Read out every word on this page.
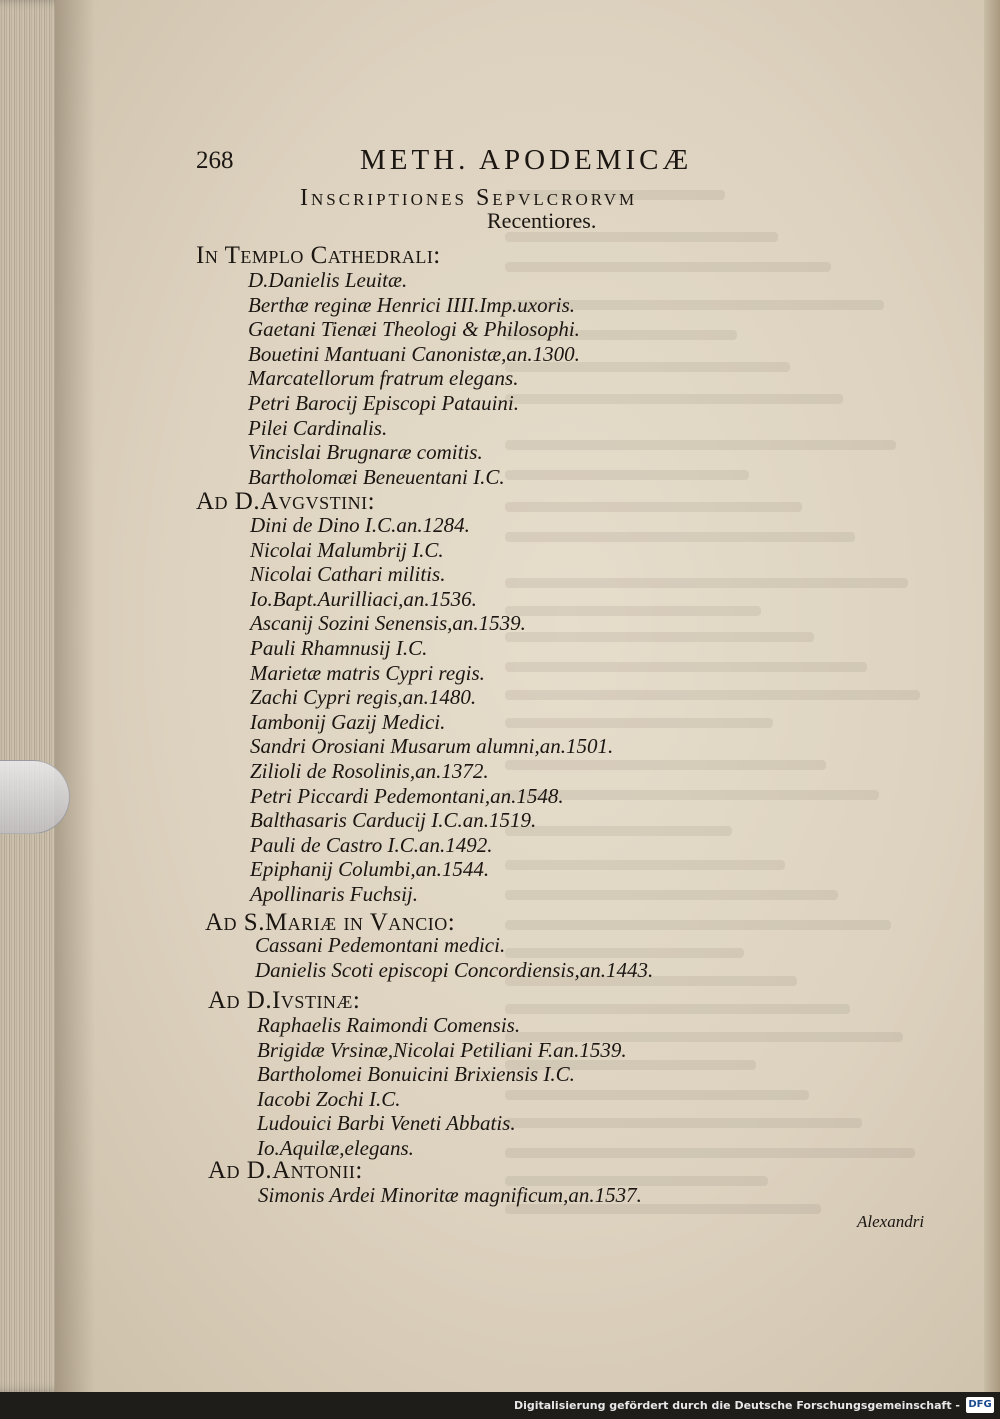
268	METH. APODEMICÆ
Inscriptiones Sepvlcrorvm
Recentiores.
In Templo Cathedrali:
D.Danielis Leuitæ.
Berthæ reginæ Henrici IIII.Imp.uxoris.
Gaetani Tienæi Theologi & Philosophi.
Bouetini Mantuani Canonistæ,an.1300.
Marcatellorum fratrum elegans.
Petri Barocij Episcopi Patauini.
Pilei Cardinalis.
Vincislai Brugnaræ comitis.
Bartholomæi Beneuentani I.C.
Ad D.Avgvstini:
Dini de Dino I.C.an.1284.
Nicolai Malumbrij I.C.
Nicolai Cathari militis.
Io.Bapt.Aurilliaci,an.1536.
Ascanij Sozini Senensis,an.1539.
Pauli Rhamnusij I.C.
Marietæ matris Cypri regis.
Zachi Cypri regis,an.1480.
Iambonij Gazij Medici.
Sandri Orosiani Musarum alumni,an.1501.
Zilioli de Rosolinis,an.1372.
Petri Piccardi Pedemontani,an.1548.
Balthasaris Carducij I.C.an.1519.
Pauli de Castro I.C.an.1492.
Epiphanij Columbi,an.1544.
Apollinaris Fuchsij.
Ad S.Mariæ in Vancio:
Cassani Pedemontani medici.
Danielis Scoti episcopi Concordiensis,an.1443.
Ad D.Ivstinæ:
Raphaelis Raimondi Comensis.
Brigidæ Vrsinæ,Nicolai Petiliani F.an.1539.
Bartholomei Bonuicini Brixiensis I.C.
Iacobi Zochi I.C.
Ludouici Barbi Veneti Abbatis.
Io.Aquilæ,elegans.
Ad D.Antonii:
Simonis Ardei Minoritæ magnificum,an.1537.
Alexandri
Digitalisierung gefördert durch die Deutsche Forschungsgemeinschaft - DFG
